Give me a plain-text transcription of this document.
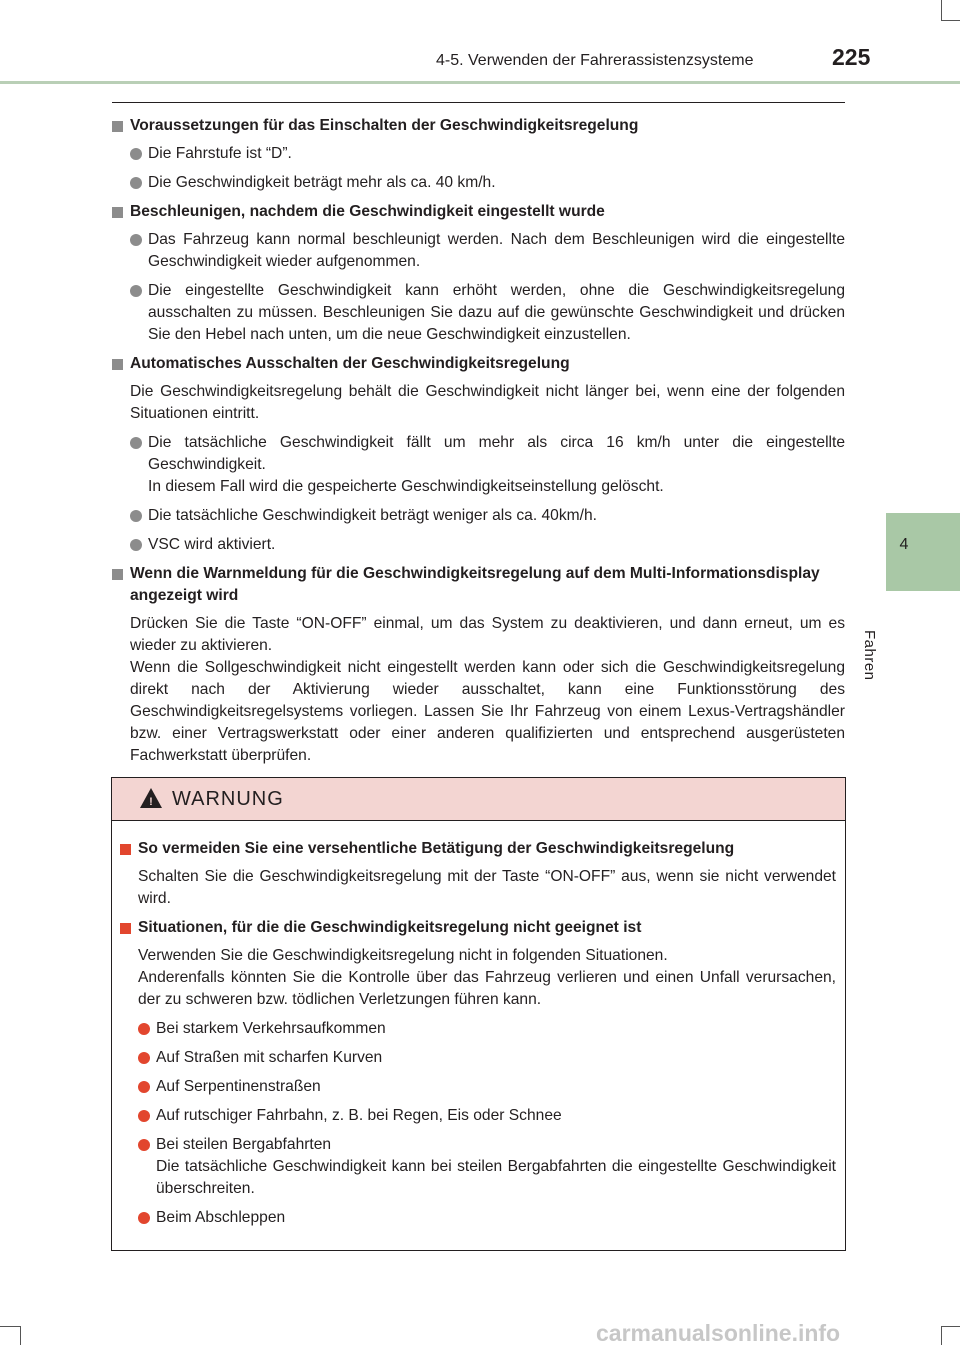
4-5. Verwenden der Fahrerassistenzsysteme	225
4
Fahren
Voraussetzungen für das Einschalten der Geschwindigkeitsregelung
Die Fahrstufe ist “D”.
Die Geschwindigkeit beträgt mehr als ca. 40 km/h.
Beschleunigen, nachdem die Geschwindigkeit eingestellt wurde
Das Fahrzeug kann normal beschleunigt werden. Nach dem Beschleunigen wird die eingestellte Geschwindigkeit wieder aufgenommen.
Die eingestellte Geschwindigkeit kann erhöht werden, ohne die Geschwindigkeitsregelung ausschalten zu müssen. Beschleunigen Sie dazu auf die gewünschte Geschwindigkeit und drücken Sie den Hebel nach unten, um die neue Geschwindigkeit einzustellen.
Automatisches Ausschalten der Geschwindigkeitsregelung
Die Geschwindigkeitsregelung behält die Geschwindigkeit nicht länger bei, wenn eine der folgenden Situationen eintritt.
Die tatsächliche Geschwindigkeit fällt um mehr als circa 16 km/h unter die eingestellte Geschwindigkeit.
In diesem Fall wird die gespeicherte Geschwindigkeitseinstellung gelöscht.
Die tatsächliche Geschwindigkeit beträgt weniger als ca. 40km/h.
VSC wird aktiviert.
Wenn die Warnmeldung für die Geschwindigkeitsregelung auf dem Multi-Informationsdisplay angezeigt wird
Drücken Sie die Taste “ON-OFF” einmal, um das System zu deaktivieren, und dann erneut, um es wieder zu aktivieren.
Wenn die Sollgeschwindigkeit nicht eingestellt werden kann oder sich die Geschwindigkeitsregelung direkt nach der Aktivierung wieder ausschaltet, kann eine Funktionsstörung des Geschwindigkeitsregelsystems vorliegen. Lassen Sie Ihr Fahrzeug von einem Lexus-Vertragshändler bzw. einer Vertragswerkstatt oder einer anderen qualifizierten und entsprechend ausgerüsteten Fachwerkstatt überprüfen.
! WARNUNG
So vermeiden Sie eine versehentliche Betätigung der Geschwindigkeitsregelung
Schalten Sie die Geschwindigkeitsregelung mit der Taste “ON-OFF” aus, wenn sie nicht verwendet wird.
Situationen, für die die Geschwindigkeitsregelung nicht geeignet ist
Verwenden Sie die Geschwindigkeitsregelung nicht in folgenden Situationen.
Anderenfalls könnten Sie die Kontrolle über das Fahrzeug verlieren und einen Unfall verursachen, der zu schweren bzw. tödlichen Verletzungen führen kann.
Bei starkem Verkehrsaufkommen
Auf Straßen mit scharfen Kurven
Auf Serpentinenstraßen
Auf rutschiger Fahrbahn, z. B. bei Regen, Eis oder Schnee
Bei steilen Bergabfahrten
Die tatsächliche Geschwindigkeit kann bei steilen Bergabfahrten die eingestellte Geschwindigkeit überschreiten.
Beim Abschleppen
carmanualsonline.info
